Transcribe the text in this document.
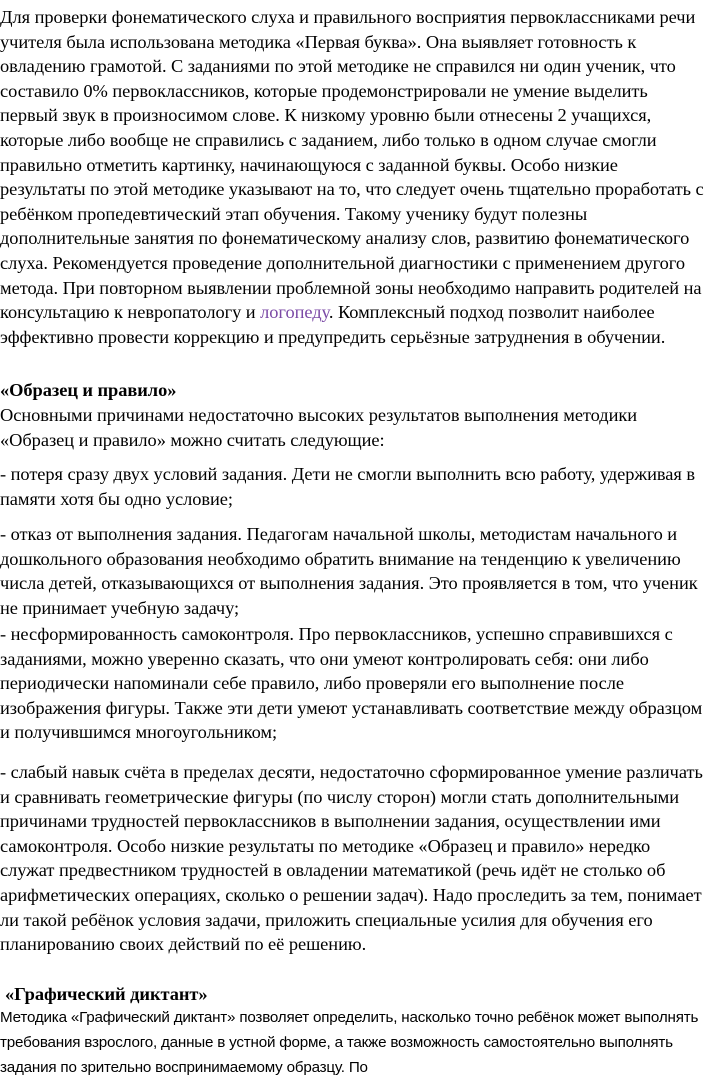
Для проверки фонематического слуха и правильного восприятия первоклассниками речи учителя была использована методика «Первая буква». Она выявляет готовность к овладению грамотой. С заданиями по этой методике не справился ни один ученик, что составило 0% первоклассников, которые продемонстрировали не умение выделить первый звук в произносимом слове. К низкому уровню были отнесены 2 учащихся, которые либо вообще не справились с заданием, либо только в одном случае смогли правильно отметить картинку, начинающуюся с заданной буквы. Особо низкие результаты по этой методике указывают на то, что следует очень тщательно проработать с ребёнком пропедевтический этап обучения. Такому ученику будут полезны дополнительные занятия по фонематическому анализу слов, развитию фонематического слуха. Рекомендуется проведение дополнительной диагностики с применением другого метода. При повторном выявлении проблемной зоны необходимо направить родителей на консультацию к невропатологу и логопеду. Комплексный подход позволит наиболее эффективно провести коррекцию и предупредить серьёзные затруднения в обучении.

«Образец и правило»

Основными причинами недостаточно высоких результатов выполнения методики «Образец и правило» можно считать следующие:

- потеря сразу двух условий задания. Дети не смогли выполнить всю работу, удерживая в памяти хотя бы одно условие;

- отказ от выполнения задания. Педагогам начальной школы, методистам начального и дошкольного образования необходимо обратить внимание на тенденцию к увеличению числа детей, отказывающихся от выполнения задания. Это проявляется в том, что ученик не принимает учебную задачу;

- несформированность самоконтроля. Про первоклассников, успешно справившихся с заданиями, можно уверенно сказать, что они умеют контролировать себя: они либо периодически напоминали себе правило, либо проверяли его выполнение после изображения фигуры. Также эти дети умеют устанавливать соответствие между образцом и получившимся многоугольником;

- слабый навык счёта в пределах десяти, недостаточно сформированное умение различать и сравнивать геометрические фигуры (по числу сторон) могли стать дополнительными причинами трудностей первоклассников в выполнении задания, осуществлении ими самоконтроля. Особо низкие результаты по методике «Образец и правило» нередко служат предвестником трудностей в овладении математикой (речь идёт не столько об арифметических операциях, сколько о решении задач). Надо проследить за тем, понимает ли такой ребёнок условия задачи, приложить специальные усилия для обучения его планированию своих действий по её решению.

«Графический диктант»

Методика «Графический диктант» позволяет определить, насколько точно ребёнок может выполнять требования взрослого, данные в устной форме, а также возможность самостоятельно выполнять задания по зрительно воспринимаемому образцу. По
